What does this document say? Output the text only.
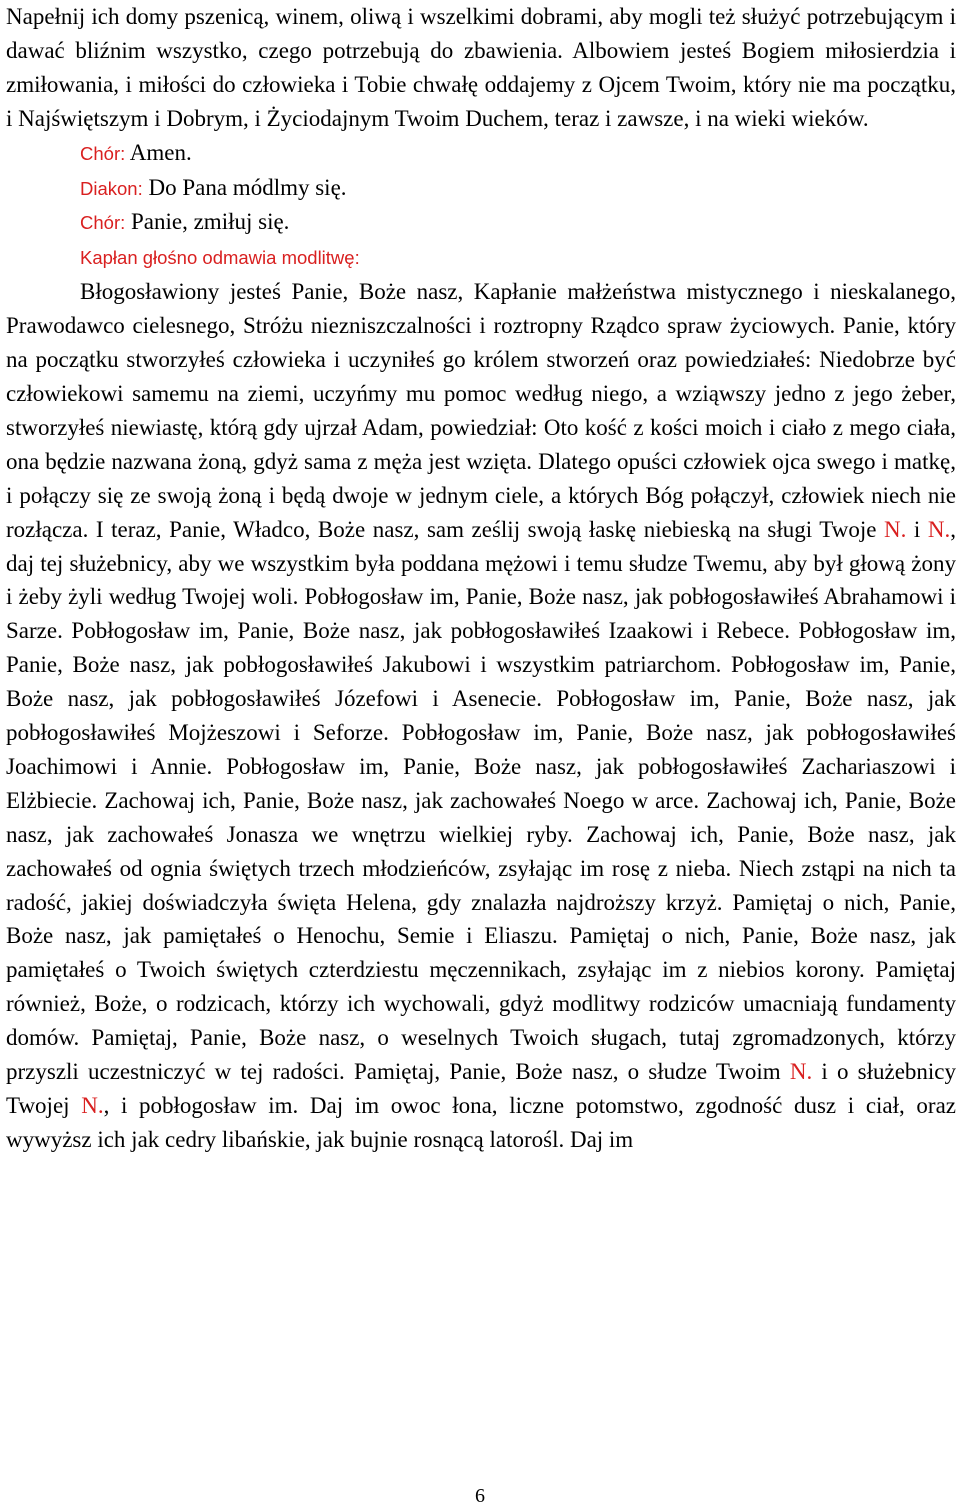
Napełnij ich domy pszenicą, winem, oliwą i wszelkimi dobrami, aby mogli też służyć potrzebującym i dawać bliźnim wszystko, czego potrzebują do zbawienia. Albowiem jesteś Bogiem miłosierdzia i zmiłowania, i miłości do człowieka i Tobie chwałę oddajemy z Ojcem Twoim, który nie ma początku, i Najświętszym i Dobrym, i Życiodajnym Twoim Duchem, teraz i zawsze, i na wieki wieków.

Chór: Amen.

Diakon: Do Pana módlmy się.

Chór: Panie, zmiłuj się.

Kapłan głośno odmawia modlitwę:

Błogosławiony jesteś Panie, Boże nasz, Kapłanie małżeństwa mistycznego i nieskalanego, Prawodawco cielesnego, Stróżu niezniszczalności i roztropny Rządco spraw życiowych. Panie, który na początku stworzyłeś człowieka i uczyniłeś go królem stworzeń oraz powiedziałeś: Niedobrze być człowiekowi samemu na ziemi, uczyńmy mu pomoc według niego, a wziąwszy jedno z jego żeber, stworzyłeś niewiastę, którą gdy ujrzał Adam, powiedział: Oto kość z kości moich i ciało z mego ciała, ona będzie nazwana żoną, gdyż sama z męża jest wzięta. Dlatego opuści człowiek ojca swego i matkę, i połączy się ze swoją żoną i będą dwoje w jednym ciele, a których Bóg połączył, człowiek niech nie rozłącza. I teraz, Panie, Władco, Boże nasz, sam ześlij swoją łaskę niebieską na sługi Twoje N. i N., daj tej służebnicy, aby we wszystkim była poddana mężowi i temu słudze Twemu, aby był głową żony i żeby żyli według Twojej woli. Pobłogosław im, Panie, Boże nasz, jak pobłogosławiłeś Abrahamowi i Sarze. Pobłogosław im, Panie, Boże nasz, jak pobłogosławiłeś Izaakowi i Rebece. Pobłogosław im, Panie, Boże nasz, jak pobłogosławiłeś Jakubowi i wszystkim patriarchom. Pobłogosław im, Panie, Boże nasz, jak pobłogosławiłeś Józefowi i Asenecie. Pobłogosław im, Panie, Boże nasz, jak pobłogosławiłeś Mojżeszowi i Seforze. Pobłogosław im, Panie, Boże nasz, jak pobłogosławiłeś Joachimowi i Annie. Pobłogosław im, Panie, Boże nasz, jak pobłogosławiłeś Zachariaszowi i Elżbiecie. Zachowaj ich, Panie, Boże nasz, jak zachowałeś Noego w arce. Zachowaj ich, Panie, Boże nasz, jak zachowałeś Jonasza we wnętrzu wielkiej ryby. Zachowaj ich, Panie, Boże nasz, jak zachowałeś od ognia świętych trzech młodzieńców, zsyłając im rosę z nieba. Niech zstąpi na nich ta radość, jakiej doświadczyła święta Helena, gdy znalazła najdroższy krzyż. Pamiętaj o nich, Panie, Boże nasz, jak pamiętałeś o Henochu, Semie i Eliaszu. Pamiętaj o nich, Panie, Boże nasz, jak pamiętałeś o Twoich świętych czterdziestu męczennikach, zsyłając im z niebios korony. Pamiętaj również, Boże, o rodzicach, którzy ich wychowali, gdyż modlitwy rodziców umacniają fundamenty domów. Pamiętaj, Panie, Boże nasz, o weselnych Twoich sługach, tutaj zgromadzonych, którzy przyszli uczestniczyć w tej radości. Pamiętaj, Panie, Boże nasz, o słudze Twoim N. i o służebnicy Twojej N., i pobłogosław im. Daj im owoc łona, liczne potomstwo, zgodność dusz i ciał, oraz wywyższ ich jak cedry libańskie, jak bujnie rosnącą latorośl. Daj im

6
